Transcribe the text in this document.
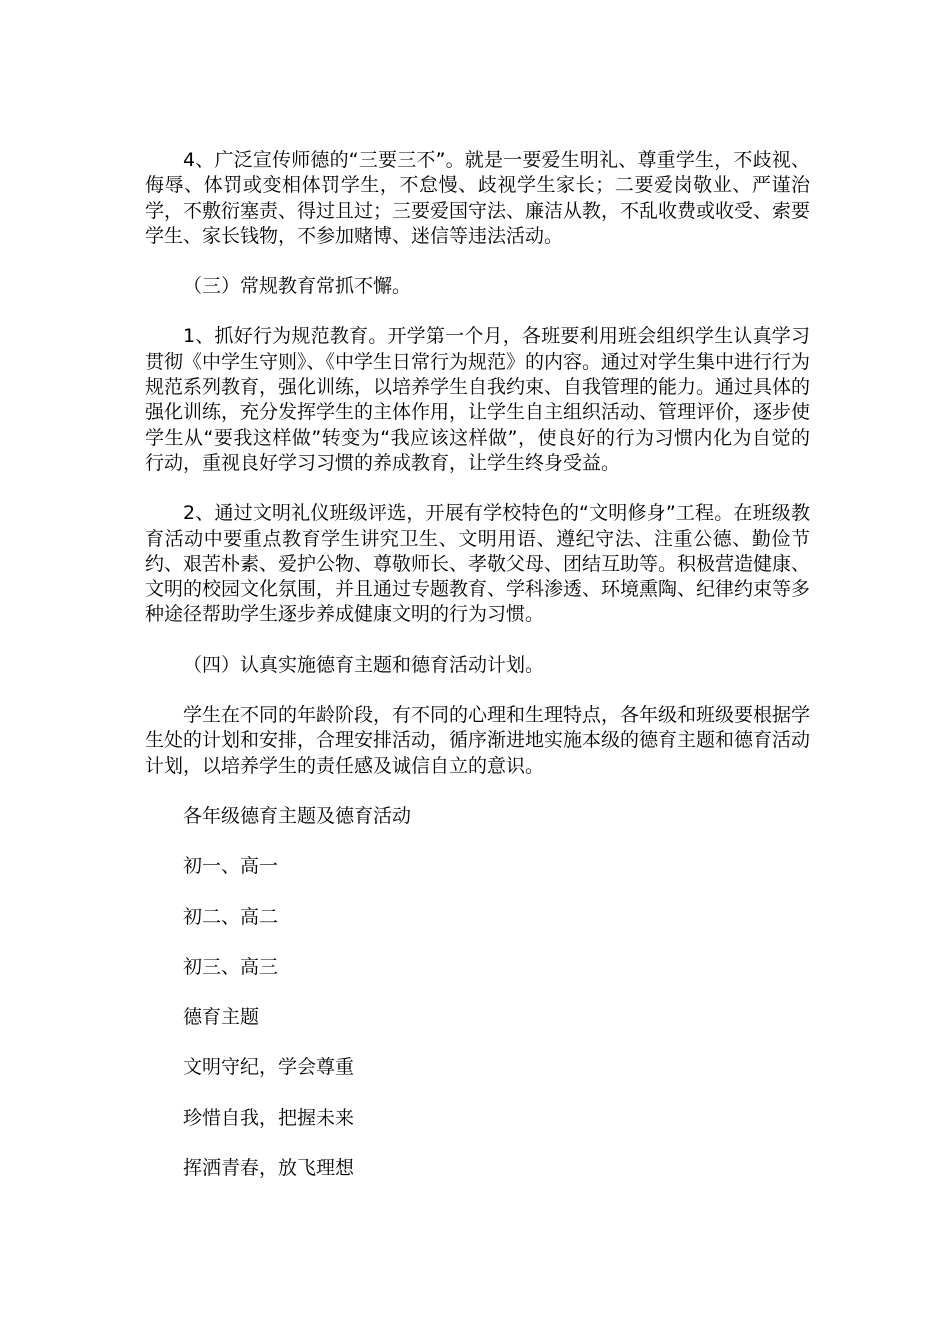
4、广泛宣传师德的“三要三不”。就是一要爱生明礼、尊重学生，不歧视、侮辱、体罚或变相体罚学生，不怠慢、歧视学生家长；二要爱岗敬业、严谨治学，不敷衍塞责、得过且过；三要爱国守法、廉洁从教，不乱收费或收受、索要学生、家长钱物，不参加赌博、迷信等违法活动。

（三）常规教育常抓不懈。

1、抓好行为规范教育。开学第一个月，各班要利用班会组织学生认真学习贯彻《中学生守则》、《中学生日常行为规范》的内容。通过对学生集中进行行为规范系列教育，强化训练，以培养学生自我约束、自我管理的能力。通过具体的强化训练，充分发挥学生的主体作用，让学生自主组织活动、管理评价，逐步使学生从“要我这样做”转变为“我应该这样做”，使良好的行为习惯内化为自觉的行动，重视良好学习习惯的养成教育，让学生终身受益。

2、通过文明礼仪班级评选，开展有学校特色的“文明修身”工程。在班级教育活动中要重点教育学生讲究卫生、文明用语、遵纪守法、注重公德、勤俭节约、艰苦朴素、爱护公物、尊敬师长、孝敬父母、团结互助等。积极营造健康、文明的校园文化氛围，并且通过专题教育、学科渗透、环境熏陶、纪律约束等多种途径帮助学生逐步养成健康文明的行为习惯。

（四）认真实施德育主题和德育活动计划。

学生在不同的年龄阶段，有不同的心理和生理特点，各年级和班级要根据学生处的计划和安排，合理安排活动，循序渐进地实施本级的德育主题和德育活动计划，以培养学生的责任感及诚信自立的意识。

各年级德育主题及德育活动

初一、高一

初二、高二

初三、高三

德育主题

文明守纪，学会尊重

珍惜自我，把握未来

挥洒青春，放飞理想
